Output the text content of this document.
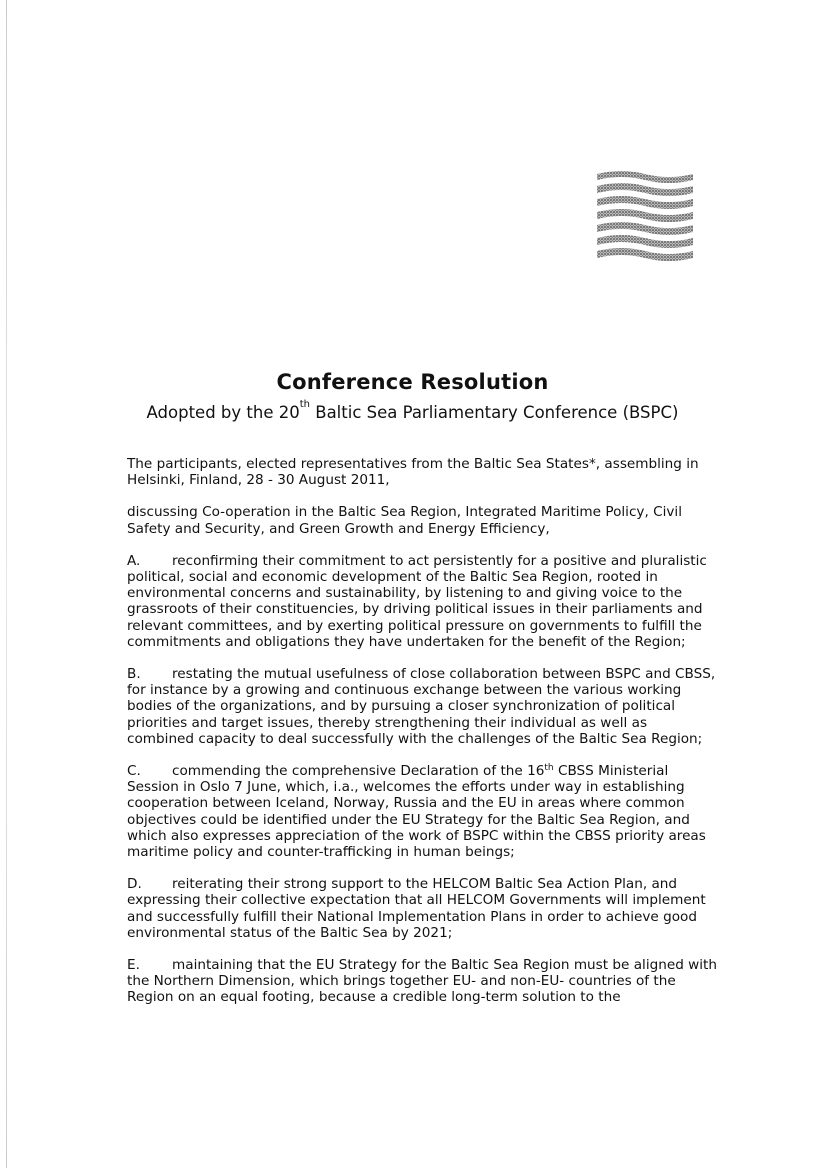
Conference Resolution
Adopted by the 20th Baltic Sea Parliamentary Conference (BSPC)

The participants, elected representatives from the Baltic Sea States*, assembling in Helsinki, Finland, 28 - 30 August 2011,

discussing Co-operation in the Baltic Sea Region, Integrated Maritime Policy, Civil Safety and Security, and Green Growth and Energy Efficiency,

A. reconfirming their commitment to act persistently for a positive and pluralistic political, social and economic development of the Baltic Sea Region, rooted in environmental concerns and sustainability, by listening to and giving voice to the grassroots of their constituencies, by driving political issues in their parliaments and relevant committees, and by exerting political pressure on governments to fulfill the commitments and obligations they have undertaken for the benefit of the Region;

B. restating the mutual usefulness of close collaboration between BSPC and CBSS, for instance by a growing and continuous exchange between the various working bodies of the organizations, and by pursuing a closer synchronization of political priorities and target issues, thereby strengthening their individual as well as combined capacity to deal successfully with the challenges of the Baltic Sea Region;

C. commending the comprehensive Declaration of the 16th CBSS Ministerial Session in Oslo 7 June, which, i.a., welcomes the efforts under way in establishing cooperation between Iceland, Norway, Russia and the EU in areas where common objectives could be identified under the EU Strategy for the Baltic Sea Region, and which also expresses appreciation of the work of BSPC within the CBSS priority areas maritime policy and counter-trafficking in human beings;

D. reiterating their strong support to the HELCOM Baltic Sea Action Plan, and expressing their collective expectation that all HELCOM Governments will implement and successfully fulfill their National Implementation Plans in order to achieve good environmental status of the Baltic Sea by 2021;

E. maintaining that the EU Strategy for the Baltic Sea Region must be aligned with the Northern Dimension, which brings together EU- and non-EU- countries of the Region on an equal footing, because a credible long-term solution to the
